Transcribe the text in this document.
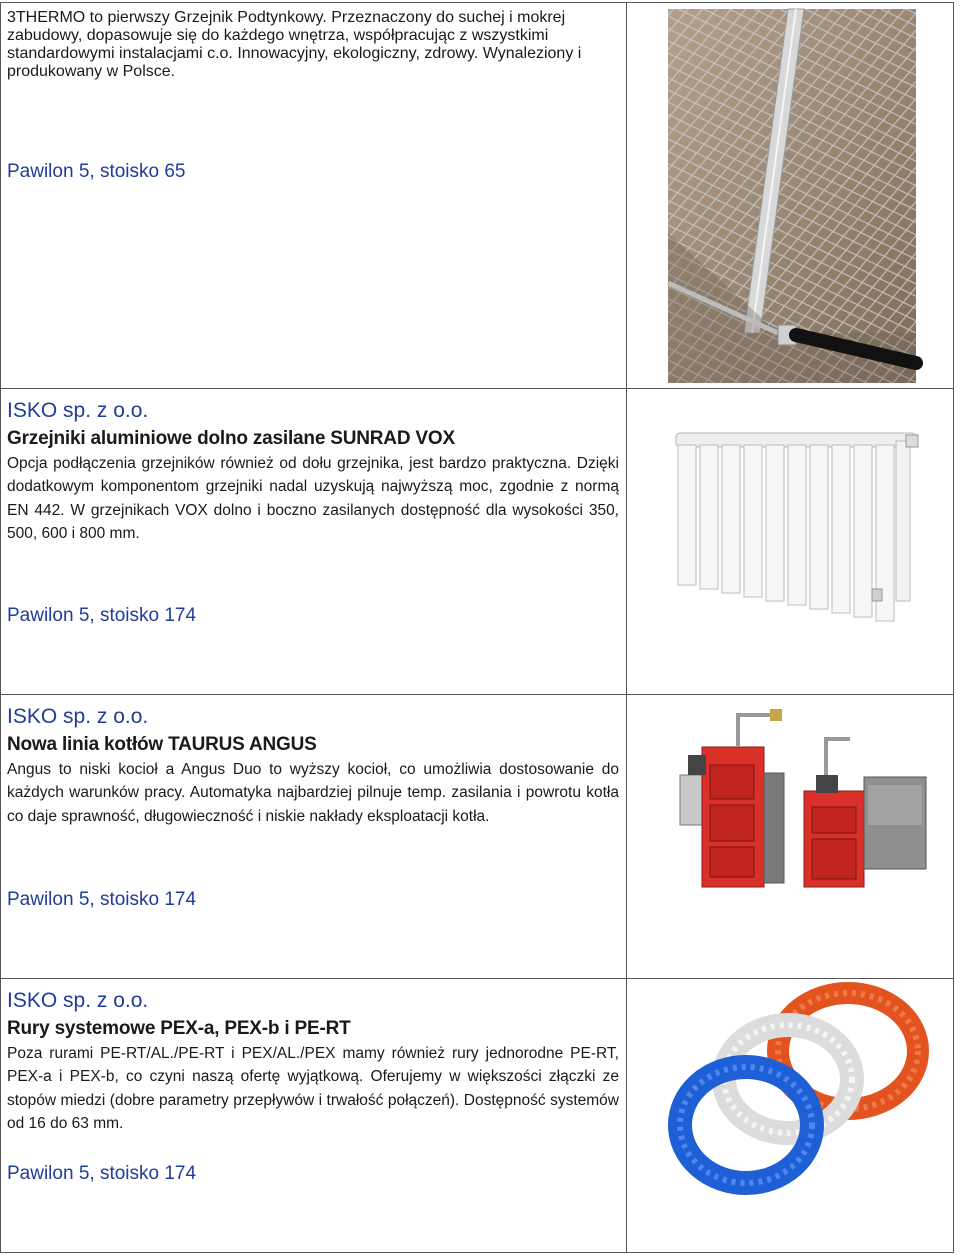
3THERMO to pierwszy Grzejnik Podtynkowy. Przeznaczony do suchej i mokrej zabudowy, dopasowuje się do każdego wnętrza, współpracując z wszystkimi standardowymi instalacjami c.o. Innowacyjny, ekologiczny, zdrowy. Wynaleziony i produkowany w Polsce.
Pawilon 5, stoisko 65

ISKO sp. z o.o.

Grzejniki aluminiowe dolno zasilane SUNRAD VOX

Opcja podłączenia grzejników również od dołu grzejnika, jest bardzo praktyczna. Dzięki dodatkowym komponentom grzejniki nadal uzyskują najwyższą moc, zgodnie z normą EN 442. W grzejnikach VOX dolno i boczno zasilanych dostępność dla wysokości 350, 500, 600 i 800 mm.

Pawilon 5, stoisko 174

ISKO sp. z o.o.

Nowa linia kotłów TAURUS ANGUS

Angus to niski kocioł a Angus Duo to wyższy kocioł, co umożliwia dostosowanie do każdych warunków pracy. Automatyka najbardziej pilnuje temp. zasilania i powrotu kotła co daje sprawność, długowieczność i niskie nakłady eksploatacji kotła.

Pawilon 5, stoisko 174

ISKO sp. z o.o.

Rury systemowe PEX-a, PEX-b i PE-RT

Poza rurami PE-RT/AL./PE-RT i PEX/AL./PEX mamy również rury jednorodne PE-RT, PEX-a i PEX-b, co czyni naszą ofertę wyjątkową. Oferujemy w większości złączki ze stopów miedzi (dobre parametry przepływów i trwałość połączeń). Dostępność systemów od 16 do 63 mm.

Pawilon 5, stoisko 174
